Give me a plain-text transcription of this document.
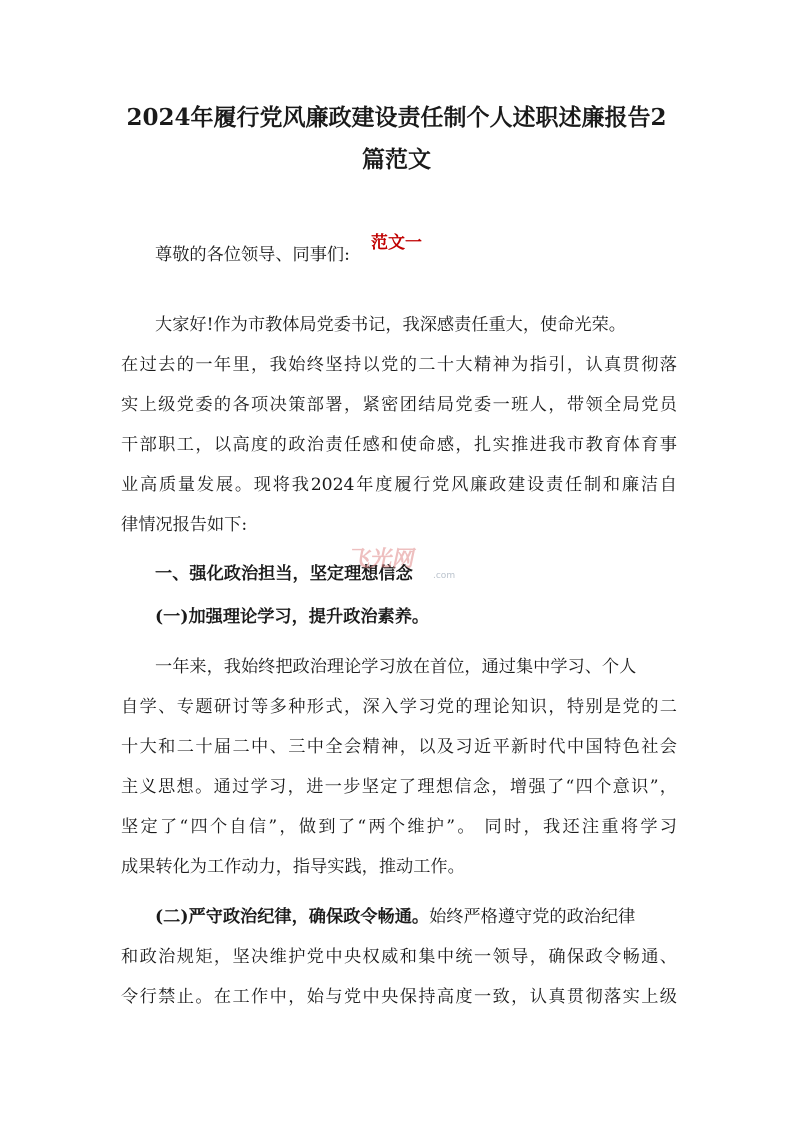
2024年履行党风廉政建设责任制个人述职述廉报告2
篇范文
范文一
尊敬的各位领导、同事们:
大家好!作为市教体局党委书记，我深感责任重大，使命光荣。
在过去的一年里，我始终坚持以党的二十大精神为指引，认真贯彻落
实上级党委的各项决策部署，紧密团结局党委一班人，带领全局党员
干部职工，以高度的政治责任感和使命感，扎实推进我市教育体育事
业高质量发展。现将我2024年度履行党风廉政建设责任制和廉洁自
律情况报告如下:
一、强化政治担当，坚定理想信念
(一)加强理论学习，提升政治素养。
一年来，我始终把政治理论学习放在首位，通过集中学习、个人
自学、专题研讨等多种形式，深入学习党的理论知识，特别是党的二
十大和二十届二中、三中全会精神，以及习近平新时代中国特色社会
主义思想。通过学习，进一步坚定了理想信念，增强了“四个意识”，
坚定了“四个自信”，做到了“两个维护”。 同时，我还注重将学习
成果转化为工作动力，指导实践，推动工作。
(二)严守政治纪律，确保政令畅通。始终严格遵守党的政治纪律
和政治规矩，坚决维护党中央权威和集中统一领导，确保政令畅通、
令行禁止。在工作中，始与党中央保持高度一致，认真贯彻落实上级
飞光网
.com
